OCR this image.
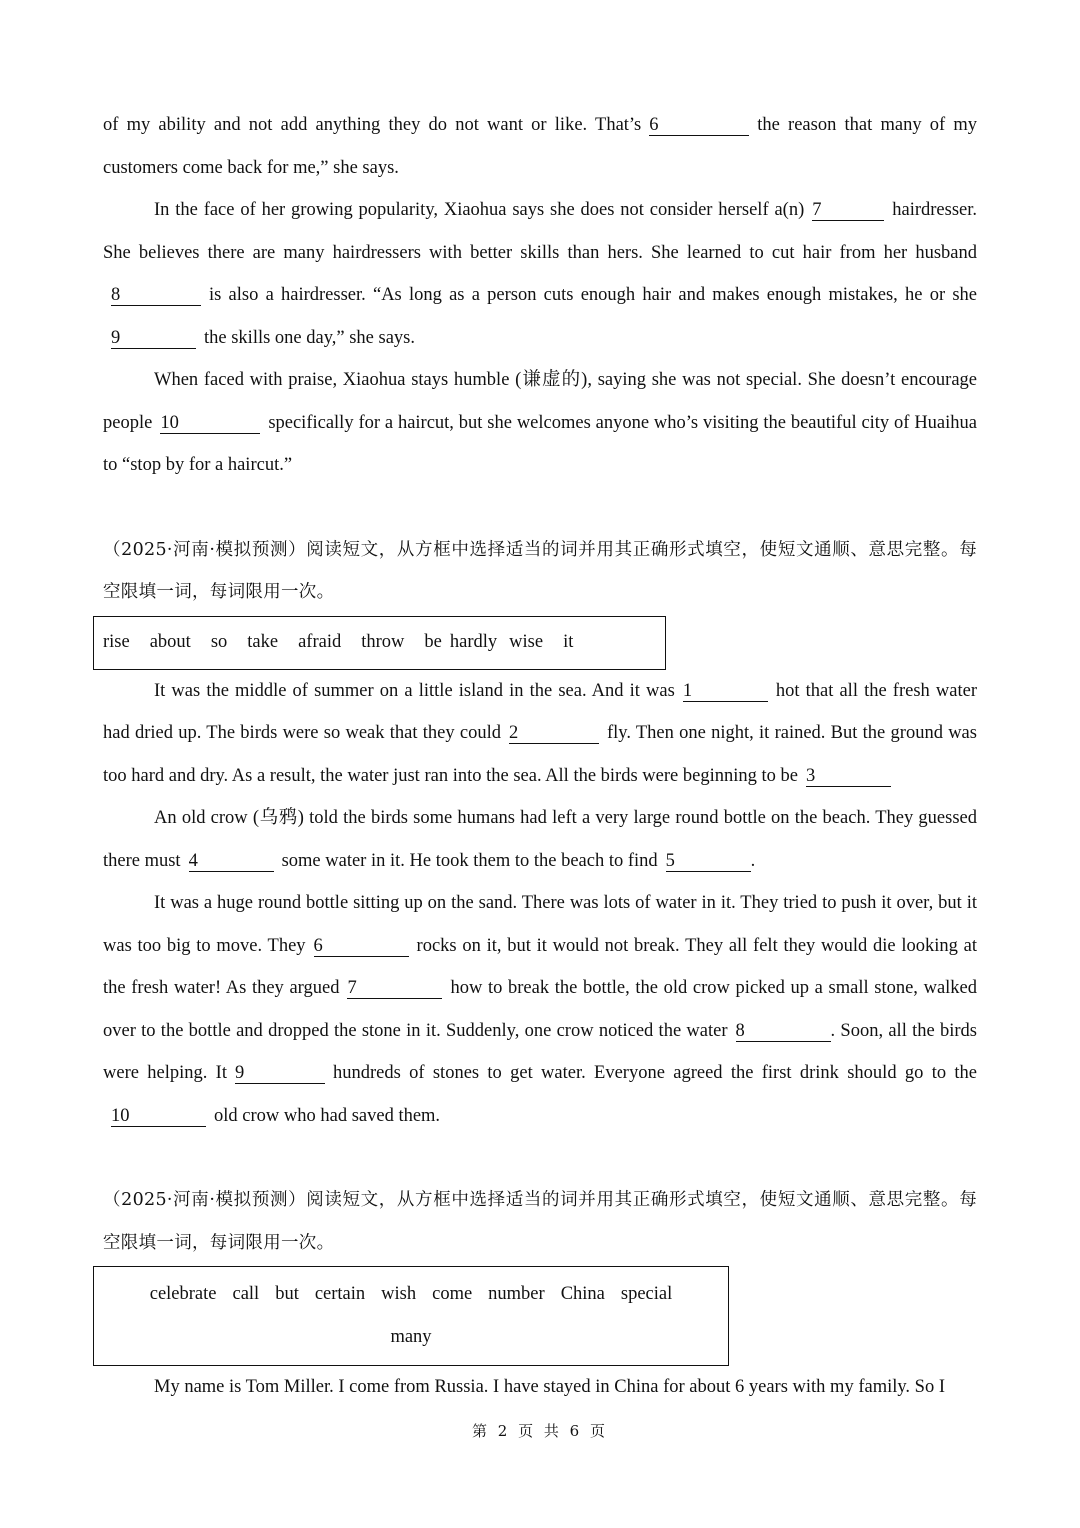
of my ability and not add anything they do not want or like. That’s 6	the reason that many of my customers come back for me,” she says.

In the face of her growing popularity, Xiaohua says she does not consider herself a(n) 7	hairdresser. She believes there are many hairdressers with better skills than hers. She learned to cut hair from her husband8	is also a hairdresser. “As long as a person cuts enough hair and makes enough mistakes, he or she9	the skills one day,” she says.

When faced with praise, Xiaohua stays humble (谦虚的), saying she was not special. She doesn’t encourage people 10	specifically for a haircut, but she welcomes anyone who’s visiting the beautiful city of Huaihua to “stop by for a haircut.”

（2025·河南·模拟预测）阅读短文，从方框中选择适当的词并用其正确形式填空，使短文通顺、意思完整。每空限填一词，每词限用一次。

rise about so take afraid throw be hardly wise it

It was the middle of summer on a little island in the sea. And it was 1	hot that all the fresh water had dried up. The birds were so weak that they could 2	fly. Then one night, it rained. But the ground was too hard and dry. As a result, the water just ran into the sea. All the birds were beginning to be 3

An old crow (乌鸦) told the birds some humans had left a very large round bottle on the beach. They guessed there must 4	some water in it. He took them to the beach to find 5	.

It was a huge round bottle sitting up on the sand. There was lots of water in it. They tried to push it over, but it was too big to move. They 6	rocks on it, but it would not break. They all felt they would die looking at the fresh water! As they argued 7	how to break the bottle, the old crow picked up a small stone, walked over to the bottle and dropped the stone in it. Suddenly, one crow noticed the water 8	. Soon, all the birds were helping. It 9	hundreds of stones to get water. Everyone agreed the first drink should go to the10	old crow who had saved them.

（2025·河南·模拟预测）阅读短文，从方框中选择适当的词并用其正确形式填空，使短文通顺、意思完整。每空限填一词，每词限用一次。

celebrate call but certain wish come number China special
many

My name is Tom Miller. I come from Russia. I have stayed in China for about 6 years with my family. So I

第 2 页 共 6 页
